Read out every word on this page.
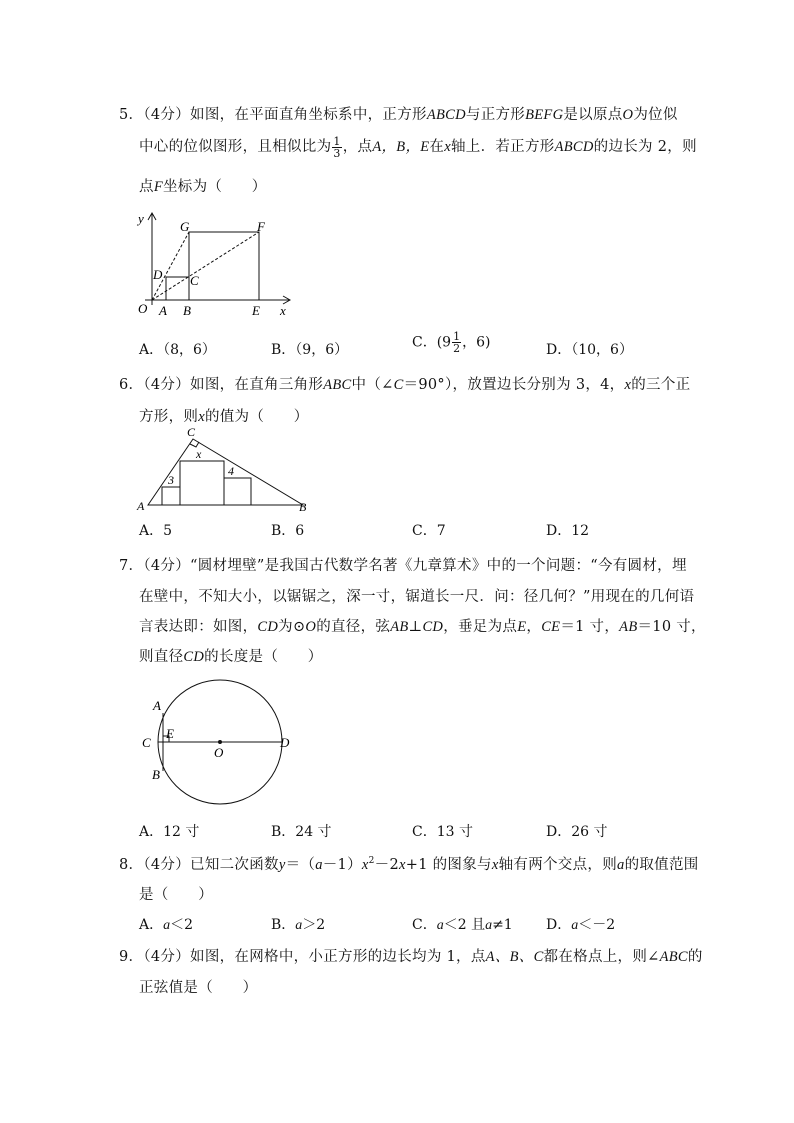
5．（4分）如图，在平面直角坐标系中，正方形ABCD与正方形BEFG是以原点O为位似
中心的位似图形，且相似比为 $\frac{1}{3}$ ，点A，B，E在x轴上．若正方形ABCD的边长为 2，则
点F坐标为（　　）
y
G	F
D C
O A B	E x
A．（8，6）	B．（9，6）	C．($9 \frac{1}{2}$ ，6)	D．（10，6）
6．（4分）如图，在直角三角形ABC中（∠C＝90°），放置边长分别为 3，4，x的三个正
方形，则x的值为（　　）
C
x
4
3
A	B
A．5	B．6	C．7	D．12
7．（4分）“圆材埋壁”是我国古代数学名著《九章算术》中的一个问题：“今有圆材，埋
在壁中，不知大小，以锯锯之，深一寸，锯道长一尺．问：径几何？”用现在的几何语
言表达即：如图，CD为⊙O的直径，弦AB⊥CD，垂足为点E，CE＝1 寸，AB＝10 寸，
则直径CD的长度是（　　）
A
E
C
O
D
B
A．12 寸	B．24 寸	C．13 寸	D．26 寸
8．（4分）已知二次函数$y=(a-1)x^2-2x+1$ 的图象与x轴有两个交点，则a的取值范围
是（　　）
A．a＜2	B．a＞2	C．a＜2 且a≠1 D．a＜－2
9．（4分）如图，在网格中，小正方形的边长均为 1，点A、B、C都在格点上，则∠ABC的
正弦值是（　　）
